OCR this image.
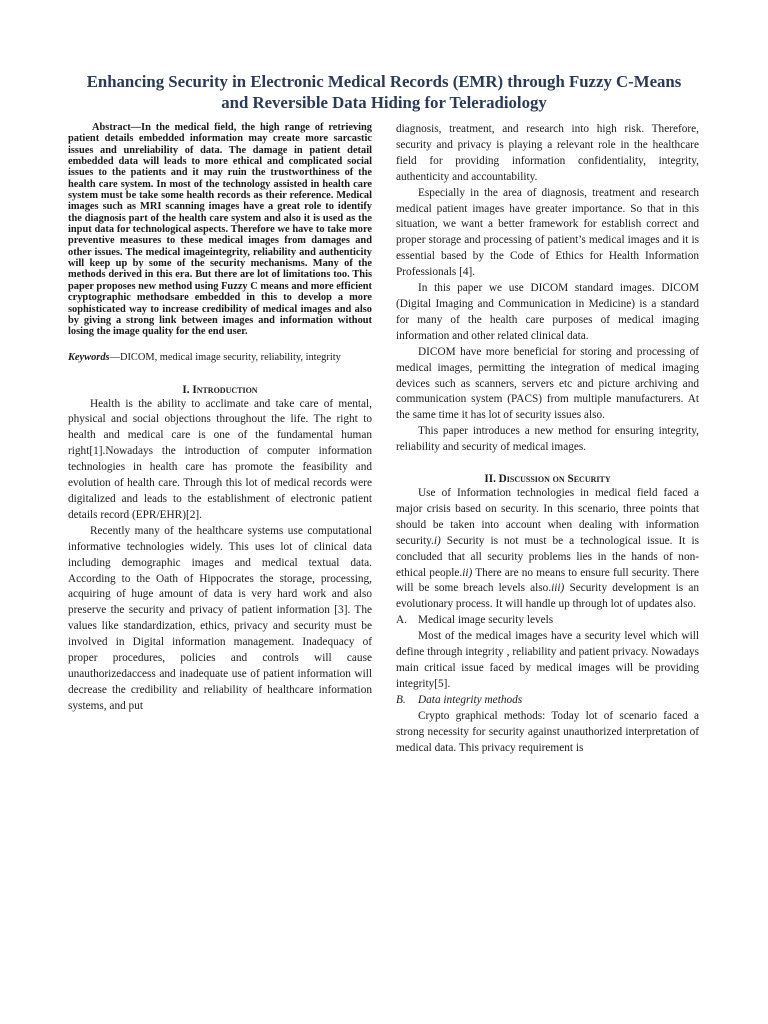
Enhancing Security in Electronic Medical Records (EMR) through Fuzzy C-Means
and Reversible Data Hiding for Teleradiology

Abstract—In the medical field, the high range of retrieving patient details embedded information may create more sarcastic issues and unreliability of data. The damage in patient detail embedded data will leads to more ethical and complicated social issues to the patients and it may ruin the trustworthiness of the health care system. In most of the technology assisted in health care system must be take some health records as their reference. Medical images such as MRI scanning images have a great role to identify the diagnosis part of the health care system and also it is used as the input data for technological aspects. Therefore we have to take more preventive measures to these medical images from damages and other issues. The medical imageintegrity, reliability and authenticity will keep up by some of the security mechanisms. Many of the methods derived in this era. But there are lot of limitations too. This paper proposes new method using Fuzzy C means and more efficient cryptographic methodsare embedded in this to develop a more sophisticated way to increase credibility of medical images and also by giving a strong link between images and information without losing the image quality for the end user.

Keywords—DICOM, medical image security, reliability, integrity

I. Introduction

Health is the ability to acclimate and take care of mental, physical and social objections throughout the life. The right to health and medical care is one of the fundamental human right[1].Nowadays the introduction of computer information technologies in health care has promote the feasibility and evolution of health care. Through this lot of medical records were digitalized and leads to the establishment of electronic patient details record (EPR/EHR)[2].

Recently many of the healthcare systems use computational informative technologies widely. This uses lot of clinical data including demographic images and medical textual data. According to the Oath of Hippocrates the storage, processing, acquiring of huge amount of data is very hard work and also preserve the security and privacy of patient information [3]. The values like standardization, ethics, privacy and security must be involved in Digital information management. Inadequacy of proper procedures, policies and controls will cause unauthorizedaccess and inadequate use of patient information will decrease the credibility and reliability of healthcare information systems, and put

diagnosis, treatment, and research into high risk. Therefore, security and privacy is playing a relevant role in the healthcare field for providing information confidentiality, integrity, authenticity and accountability.

Especially in the area of diagnosis, treatment and research medical patient images have greater importance. So that in this situation, we want a better framework for establish correct and proper storage and processing of patient’s medical images and it is essential based by the Code of Ethics for Health Information Professionals [4].

In this paper we use DICOM standard images. DICOM (Digital Imaging and Communication in Medicine) is a standard for many of the health care purposes of medical imaging information and other related clinical data.

DICOM have more beneficial for storing and processing of medical images, permitting the integration of medical imaging devices such as scanners, servers etc and picture archiving and communication system (PACS) from multiple manufacturers. At the same time it has lot of security issues also.

This paper introduces a new method for ensuring integrity, reliability and security of medical images.

II. Discussion on Security

Use of Information technologies in medical field faced a major crisis based on security. In this scenario, three points that should be taken into account when dealing with information security.i) Security is not must be a technological issue. It is concluded that all security problems lies in the hands of non-ethical people.ii) There are no means to ensure full security. There will be some breach levels also.iii) Security development is an evolutionary process. It will handle up through lot of updates also.

A. Medical image security levels

Most of the medical images have a security level which will define through integrity , reliability and patient privacy. Nowadays main critical issue faced by medical images will be providing integrity[5].

B. Data integrity methods

Crypto graphical methods: Today lot of scenario faced a strong necessity for security against unauthorized interpretation of medical data. This privacy requirement is
